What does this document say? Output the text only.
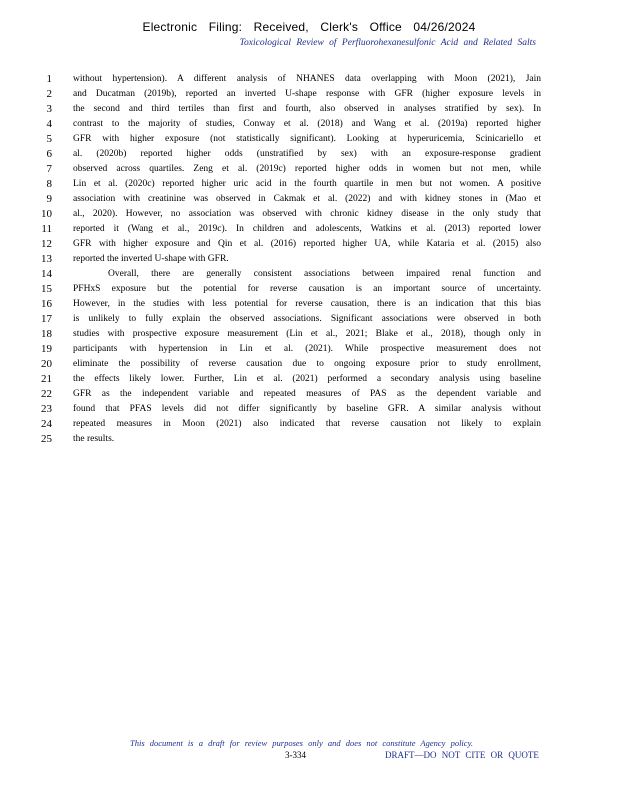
Electronic Filing: Received, Clerk's Office 04/26/2024
Toxicological Review of Perfluorohexanesulfonic Acid and Related Salts
1 without hypertension). A different analysis of NHANES data overlapping with Moon (2021), Jain
2 and Ducatman (2019b), reported an inverted U-shape response with GFR (higher exposure levels in
3 the second and third tertiles than first and fourth, also observed in analyses stratified by sex). In
4 contrast to the majority of studies, Conway et al. (2018) and Wang et al. (2019a) reported higher
5 GFR with higher exposure (not statistically significant). Looking at hyperuricemia, Scinicariello et
6 al. (2020b) reported higher odds (unstratified by sex) with an exposure-response gradient
7 observed across quartiles. Zeng et al. (2019c) reported higher odds in women but not men, while
8 Lin et al. (2020c) reported higher uric acid in the fourth quartile in men but not women. A positive
9 association with creatinine was observed in Cakmak et al. (2022) and with kidney stones in (Mao et
10 al., 2020). However, no association was observed with chronic kidney disease in the only study that
11 reported it (Wang et al., 2019c). In children and adolescents, Watkins et al. (2013) reported lower
12 GFR with higher exposure and Qin et al. (2016) reported higher UA, while Kataria et al. (2015) also
13 reported the inverted U-shape with GFR.
14	Overall, there are generally consistent associations between impaired renal function and
15 PFHxS exposure but the potential for reverse causation is an important source of uncertainty.
16 However, in the studies with less potential for reverse causation, there is an indication that this bias
17 is unlikely to fully explain the observed associations. Significant associations were observed in both
18 studies with prospective exposure measurement (Lin et al., 2021; Blake et al., 2018), though only in
19 participants with hypertension in Lin et al. (2021). While prospective measurement does not
20 eliminate the possibility of reverse causation due to ongoing exposure prior to study enrollment,
21 the effects likely lower. Further, Lin et al. (2021) performed a secondary analysis using baseline
22 GFR as the independent variable and repeated measures of PAS as the dependent variable and
23 found that PFAS levels did not differ significantly by baseline GFR. A similar analysis without
24 repeated measures in Moon (2021) also indicated that reverse causation not likely to explain
25 the results.
This document is a draft for review purposes only and does not constitute Agency policy.
3-334	DRAFT—DO NOT CITE OR QUOTE
